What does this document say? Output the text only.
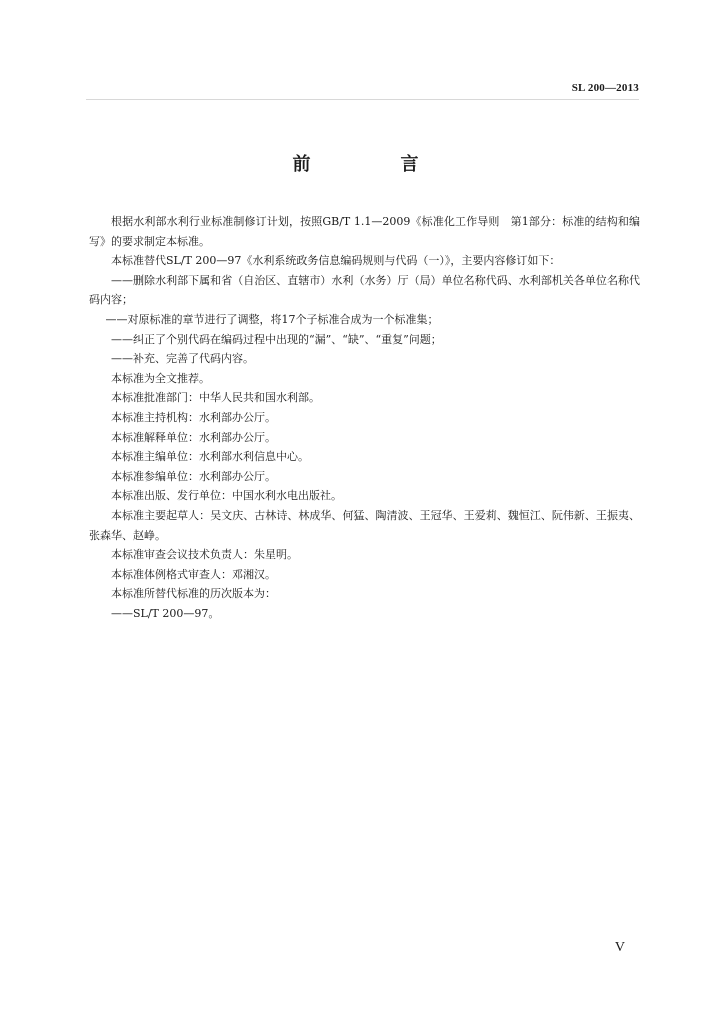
SL 200—2013
前　言

根据水利部水利行业标准制修订计划，按照GB/T 1.1—2009《标准化工作导则　第1部分：标准的结构和编写》的要求制定本标准。

本标准替代SL/T 200—97《水利系统政务信息编码规则与代码（一）》，主要内容修订如下：

——删除水利部下属和省（自治区、直辖市）水利（水务）厅（局）单位名称代码、水利部机关各单位名称代码内容；

——对原标准的章节进行了调整，将17个子标准合成为一个标准集；

——纠正了个别代码在编码过程中出现的“漏”、“缺”、“重复”问题；

——补充、完善了代码内容。

本标准为全文推荐。

本标准批准部门：中华人民共和国水利部。

本标准主持机构：水利部办公厅。

本标准解释单位：水利部办公厅。

本标准主编单位：水利部水利信息中心。

本标准参编单位：水利部办公厅。

本标准出版、发行单位：中国水利水电出版社。

本标准主要起草人：吴文庆、古林诗、林成华、何猛、陶清波、王冠华、王爱莉、魏恒江、阮伟新、王振夷、张森华、赵峥。

本标准审查会议技术负责人：朱星明。

本标准体例格式审查人：邓湘汉。

本标准所替代标准的历次版本为：

——SL/T 200—97。

V
